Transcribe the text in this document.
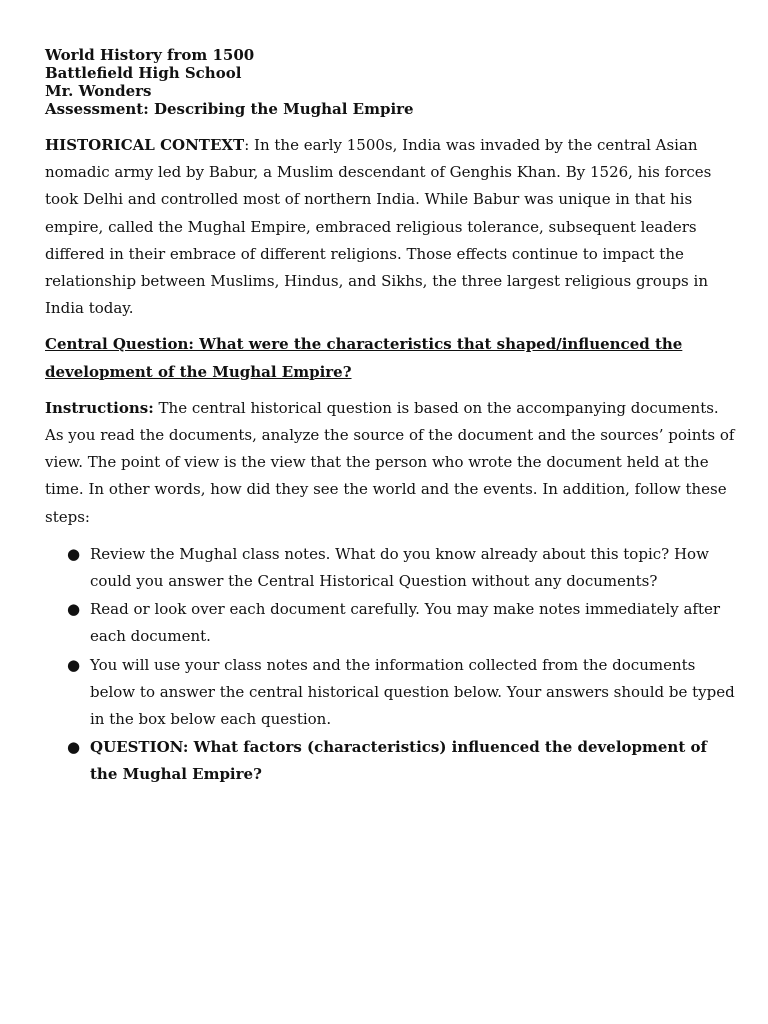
World History from 1500
Battlefield High School
Mr. Wonders
Assessment: Describing the Mughal Empire

HISTORICAL CONTEXT: In the early 1500s, India was invaded by the central Asian nomadic army led by Babur, a Muslim descendant of Genghis Khan. By 1526, his forces took Delhi and controlled most of northern India. While Babur was unique in that his empire, called the Mughal Empire, embraced religious tolerance, subsequent leaders differed in their embrace of different religions. Those effects continue to impact the relationship between Muslims, Hindus, and Sikhs, the three largest religious groups in India today.

Central Question: What were the characteristics that shaped/influenced the development of the Mughal Empire?

Instructions: The central historical question is based on the accompanying documents. As you read the documents, analyze the source of the document and the sources’ points of view. The point of view is the view that the person who wrote the document held at the time. In other words, how did they see the world and the events. In addition, follow these steps:

● Review the Mughal class notes. What do you know already about this topic? How could you answer the Central Historical Question without any documents?
● Read or look over each document carefully. You may make notes immediately after each document.
● You will use your class notes and the information collected from the documents below to answer the central historical question below. Your answers should be typed in the box below each question.
● QUESTION: What factors (characteristics) influenced the development of the Mughal Empire?
